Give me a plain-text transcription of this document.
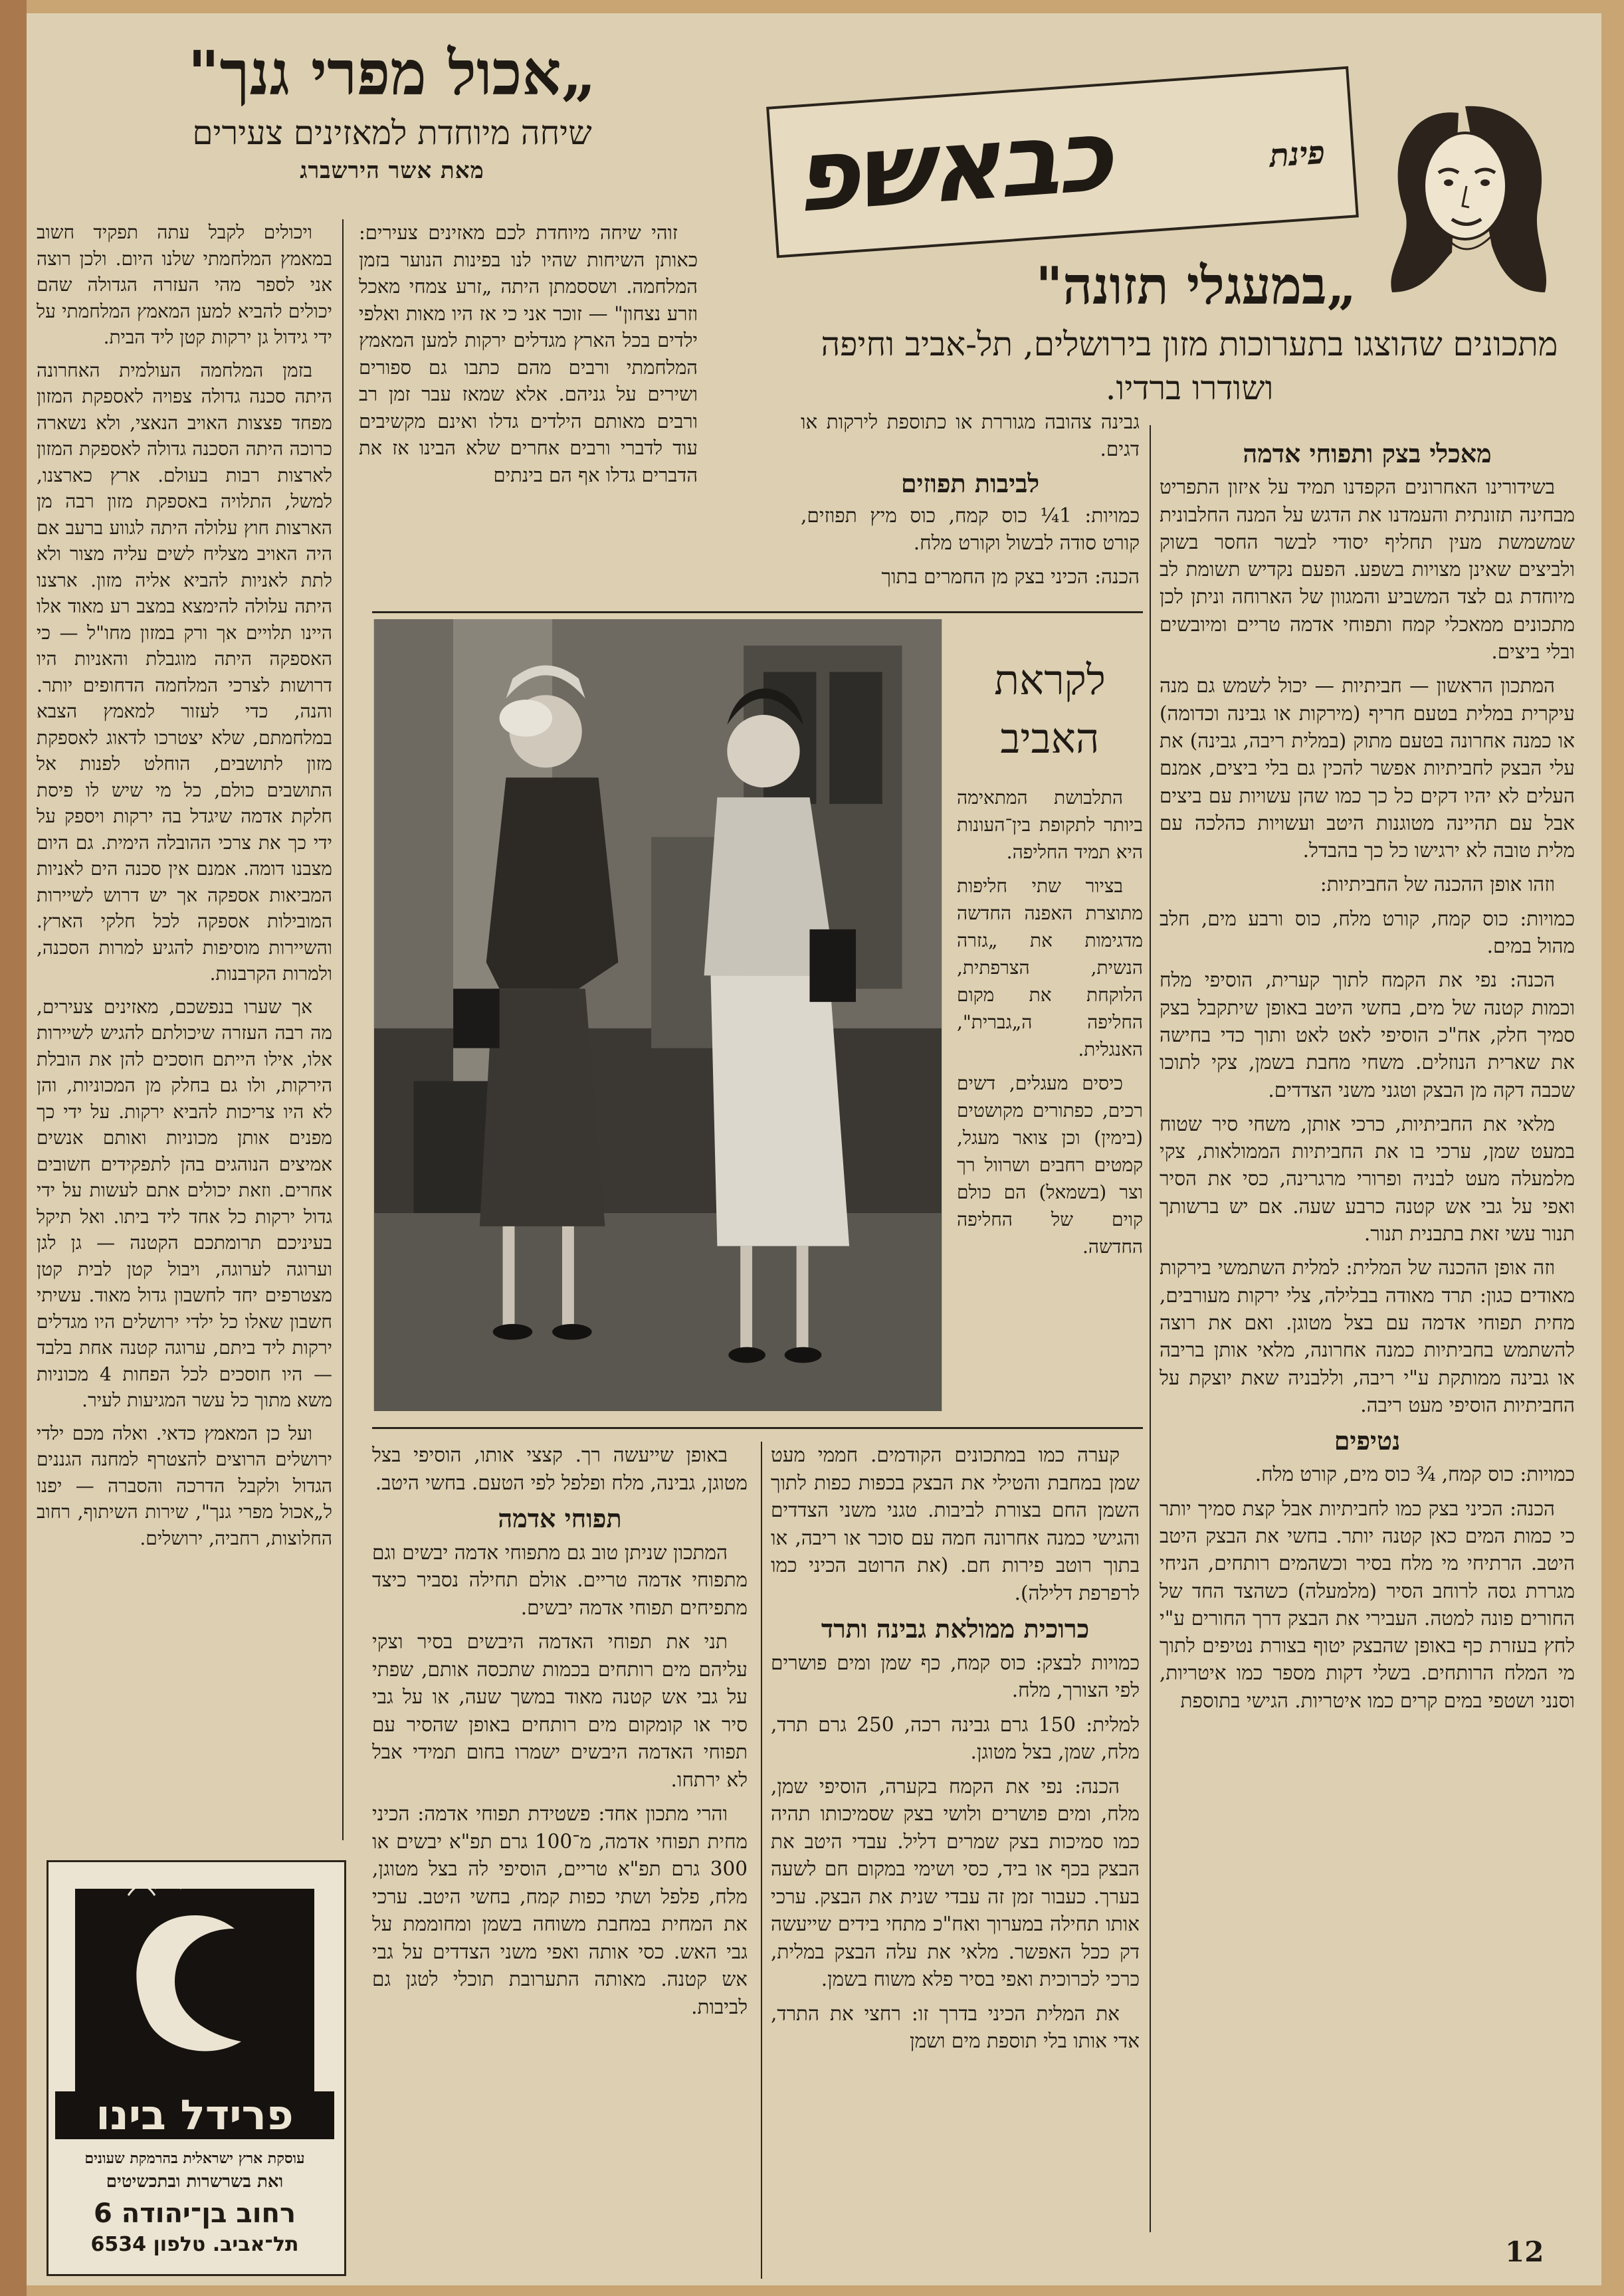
„אכול מפרי גנך"
שיחה מיוחדת למאזינים צעירים
מאת אשר הירשברג

זוהי שיחה מיוחדת לכם מאזינים צעירים: כאותן השיחות שהיו לנו בפינות הנוער בזמן המלחמה. ושססמתן היתה „זרע צמחי מאכל וזרע נצחון" — זוכר אני כי אז היו מאות ואלפי ילדים בכל הארץ מגדלים ירקות למען המאמץ המלחמתי ורבים מהם כתבו גם ספורים ושירים על גניהם. אלא שמאז עבר זמן רב ורבים מאותם הילדים גדלו ואינם מקשיבים עוד לדברי ורבים אחרים שלא הבינו אז את הדברים גדלו אף הם בינתים

ויכולים לקבל עתה תפקיד חשוב במאמץ המלחמתי שלנו היום. ולכן רוצה אני לספר מהי העזרה הגדולה שהם יכולים להביא למען המאמץ המלחמתי על ידי גידול גן ירקות קטן ליד הבית.

בזמן המלחמה העולמית האחרונה היתה סכנה גדולה צפויה לאספקת המזון מפחד פצצות האויב הנאצי, ולא נשארה כרוכה היתה הסכנה גדולה לאספקת המזון לארצות רבות בעולם. ארץ כארצנו, למשל, התלויה באספקת מזון רבה מן הארצות חוץ עלולה היתה לגווע ברעב אם היה האויב מצליח לשים עליה מצור ולא לתת לאניות להביא אליה מזון. ארצנו היתה עלולה להימצא במצב רע מאוד אלו היינו תלויים אך ורק במזון מחו"ל — כי האספקה היתה מוגבלת והאניות היו דרושות לצרכי המלחמה הדחופים יותר. והנה, כדי לעזור למאמץ הצבא במלחמתם, שלא יצטרכו לדאוג לאספקת מזון לתושבים, הוחלט לפנות אל התושבים כולם, כל מי שיש לו פיסת חלקת אדמה שיגדל בה ירקות ויספק על ידי כך את צרכי ההובלה הימית. גם היום מצבנו דומה. אמנם אין סכנה הים לאניות המביאות אספקה אך יש דרוש לשיירות המובילות אספקה לכל חלקי הארץ. והשיירות מוסיפות להגיע למרות הסכנה, ולמרות הקרבנות.

אך שערו בנפשכם, מאזינים צעירים, מה רבה העזרה שיכולתם להגיש לשיירות אלו, אילו הייתם חוסכים להן את הובלת הירקות, ולו גם בחלק מן המכוניות, והן לא היו צריכות להביא ירקות. על ידי כך מפנים אותן מכוניות ואותם אנשים אמיצים הנוהגים בהן לתפקידים חשובים אחרים. וזאת יכולים אתם לעשות על ידי גדול ירקות כל אחד ליד ביתו. ואל תיקל בעיניכם תרומתכם הקטנה — גן לגן וערוגה לערוגה, ויבול קטן לבית קטן מצטרפים יחד לחשבון גדול מאוד. עשיתי חשבון שאלו כל ילדי ירושלים היו מגדלים ירקות ליד ביתם, ערוגה קטנה אחת בלבד — היו חוסכים לכל הפחות 4 מכוניות משא מתוך כל עשר המגיעות לעיר.

ועל כן המאמץ כדאי. ואלה מכם ילדי ירושלים הרוצים להצטרף למחנה הגננים הגדול ולקבל הדרכה והסברה — יפנו ל„אכול מפרי גנך", שירות השיתוף, רחוב החלוצות, רחביה, ירושלים.

פינת
כבאשפ
„במעגלי תזונה"
מתכונים שהוצגו בתערוכות מזון בירושלים, תל-אביב וחיפה ושודרו ברדיו.
מאכלי בצק ותפוחי אדמה

בשידורינו האחרונים הקפדנו תמיד על איזון התפריט מבחינה תזונתית והעמדנו את הדגש על המנה החלבונית שמשמשת מעין תחליף יסודי לבשר החסר בשוק ולביצים שאינן מצויות בשפע. הפעם נקדיש תשומת לב מיוחדת גם לצד המשביע והמגוון של הארוחה וניתן לכן מתכונים ממאכלי קמח ותפוחי אדמה טריים ומיובשים ובלי ביצים.

המתכון הראשון — חביתיות — יכול לשמש גם מנה עיקרית במלית בטעם חריף (מירקות או גבינה וכדומה) או כמנה אחרונה בטעם מתוק (במלית ריבה, גבינה) את עלי הבצק לחביתיות אפשר להכין גם בלי ביצים, אמנם העלים לא יהיו דקים כל כך כמו שהן עשויות עם ביצים אבל עם תהיינה מטוגנות היטב ועשויות כהלכה עם מלית טובה לא ירגישו כל כך בהבדל.

וזהו אופן ההכנה של החביתיות:

כמויות: כוס קמח, קורט מלח, כוס ורבע מים, חלב מהול במים.

הכנה: נפי את הקמח לתוך קערית, הוסיפי מלח וכמות קטנה של מים, בחשי היטב באופן שיתקבל בצק סמיך חלק, אח"כ הוסיפי לאט לאט ותוך כדי בחישה את שארית הנוזלים. משחי מחבת בשמן, צקי לתוכו שכבה דקה מן הבצק וטגני משני הצדדים.

מלאי את החביתיות, כרכי אותן, משחי סיר שטוח במעט שמן, ערכי בו את החביתיות הממולאות, צקי מלמעלה מעט לבניה ופרורי מרגרינה, כסי את הסיר ואפי על גבי אש קטנה כרבע שעה. אם יש ברשותך תנור עשי זאת בתבנית תנור.

וזה אופן ההכנה של המלית: למלית השתמשי בירקות מאודים כגון: תרד מאודה בבלילה, צלי ירקות מעורבים, מחית תפוחי אדמה עם בצל מטוגן. ואם את רוצה להשתמש בחביתיות כמנה אחרונה, מלאי אותן בריבה או גבינה ממותקת ע"י ריבה, וללבניה שאת יוצקת על החביתיות הוסיפי מעט ריבה.

נטיפים

כמויות: כוס קמח, ¾ כוס מים, קורט מלח.

הכנה: הכיני בצק כמו לחביתיות אבל קצת סמיך יותר כי כמות המים כאן קטנה יותר. בחשי את הבצק היטב היטב. הרתיחי מי מלח בסיר וכשהמים רותחים, הניחי מגררת גסה לרוחב הסיר (מלמעלה) כשהצד החד של החורים פונה למטה. העבירי את הבצק דרך החורים ע"י לחץ בעזרת כף באופן שהבצק יטוף בצורת נטיפים לתוך מי המלח הרותחים. בשלי דקות מספר כמו איטריות, וסנני ושטפי במים קרים כמו איטריות. הגישי בתוספת

גבינה צהובה מגוררת או כתוספת לירקות או דגים.

לביבות תפוזים

כמויות: 1¼ כוס קמח, כוס מיץ תפוזים, קורט סודה לבשול וקורט מלח.

הכנה: הכיני בצק מן החמרים בתוך

לקראת האביב

התלבושת המתאימה ביותר לתקופת בין־העונות היא תמיד החליפה.

בציור שתי חליפות מתוצרת האפנה החדשה מדגימות את „גזרה הנשית, הצרפתית, הלוקחת את מקום החליפה ה„גברית", האנגלית.

כיסים מעגלים, דשים רכים, כפתורים מקושטים (בימין) וכן צואר מעגל, קמטים רחבים ושרוול רך וצר (בשמאל) הם כולם קוים של החליפה החדשה.

קערה כמו במתכונים הקודמים. חממי מעט שמן במחבת והטילי את הבצק בכפות כפות לתוך השמן החם בצורת לביבות. טגני משני הצדדים והגישי כמנה אחרונה חמה עם סוכר או ריבה, או בתוך רוטב פירות חם. (את הרוטב הכיני כמו לרפרפת דלילה).

כרוכית ממולאת גבינה ותרד

כמויות לבצק: כוס קמח, כף שמן ומים פושרים לפי הצורך, מלח.

למלית: 150 גרם גבינה רכה, 250 גרם תרד, מלח, שמן, בצל מטוגן.

הכנה: נפי את הקמח בקערה, הוסיפי שמן, מלח, ומים פושרים ולושי בצק שסמיכותו תהיה כמו סמיכות בצק שמרים דליל. עבדי היטב את הבצק בכף או ביד, כסי ושימי במקום חם לשעה בערך. כעבור זמן זה עבדי שנית את הבצק. ערכי אותו תחילה במערוך ואח"כ מתחי בידים שייעשה דק ככל האפשר. מלאי את עלה הבצק במלית, כרכי לכרוכית ואפי בסיר פלא משוח בשמן.

את המלית הכיני בדרך זו: רחצי את התרד, אדי אותו בלי תוספת מים ושמן

באופן שייעשה רך. קצצי אותו, הוסיפי בצל מטוגן, גבינה, מלח ופלפל לפי הטעם. בחשי היטב.

תפוחי אדמה

המתכון שניתן טוב גם מתפוחי אדמה יבשים וגם מתפוחי אדמה טריים. אולם תחילה נסביר כיצד מתפיחים תפוחי אדמה יבשים.

תני את תפוחי האדמה היבשים בסיר וצקי עליהם מים רותחים בכמות שתכסה אותם, שפתי על גבי אש קטנה מאוד במשך שעה, או על גבי סיר או קומקום מים רותחים באופן שהסיר עם תפוחי האדמה היבשים ישמרו בחום תמידי אבל לא ירתחו.

והרי מתכון אחד: פשטידת תפוחי אדמה: הכיני מחית תפוחי אדמה, מ־100 גרם תפ"א יבשים או 300 גרם תפ"א טריים, הוסיפי לה בצל מטוגן, מלח, פלפל ושתי כפות קמח, בחשי היטב. ערכי את המחית במחבת משוחה בשמן ומחוממת על גבי האש. כסי אותה ואפי משני הצדדים על גבי אש קטנה. מאותה התערובת תוכלי לטגן גם לביבות.

פרידל בינו
עוסקת ארץ ישראלית בהרמקת שעונים
ואת בשרשרות ובתכשיטים
רחוב בן־יהודה 6
תל־אביב. טלפון 6534	12
